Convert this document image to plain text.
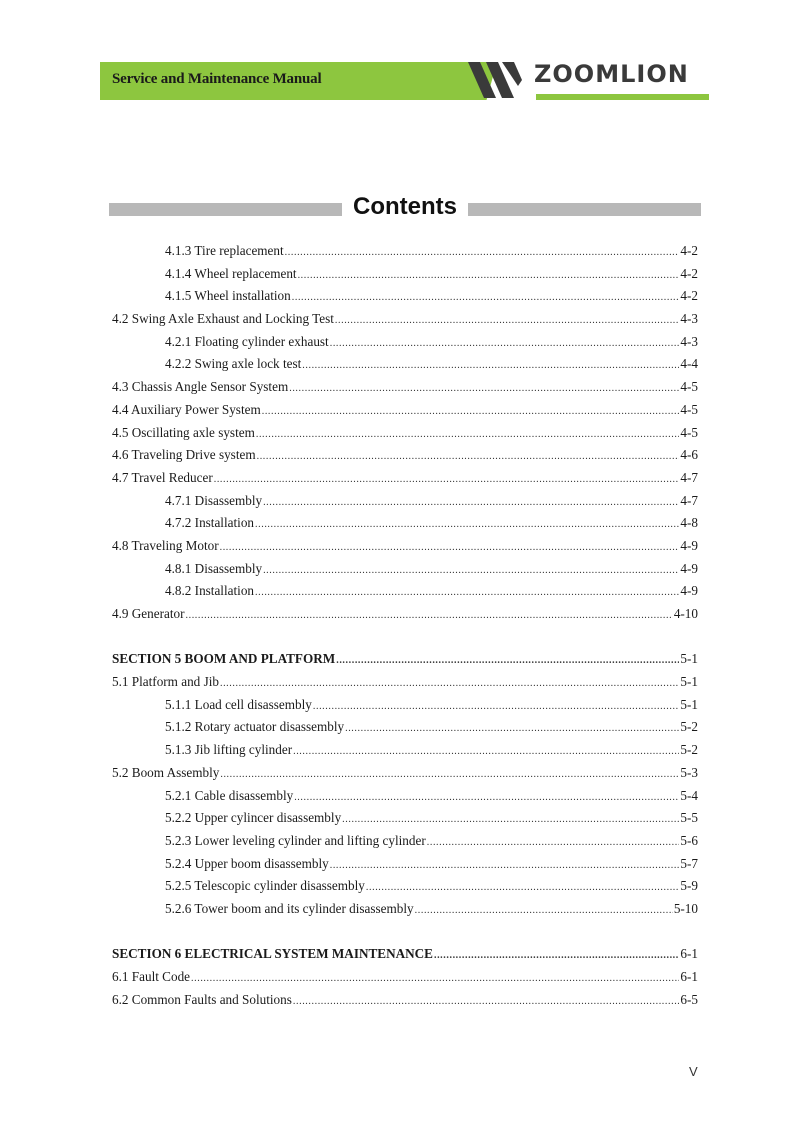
Service and Maintenance Manual	ZOOMLION
Contents
4.1.3 Tire replacement .....	4-2
4.1.4 Wheel replacement .....	4-2
4.1.5 Wheel installation .....	4-2
4.2 Swing Axle Exhaust and Locking Test .....	4-3
4.2.1 Floating cylinder exhaust .....	4-3
4.2.2 Swing axle lock test .....	4-4
4.3 Chassis Angle Sensor System .....	4-5
4.4 Auxiliary Power System .....	4-5
4.5 Oscillating axle system .....	4-5
4.6 Traveling Drive system .....	4-6
4.7 Travel Reducer .....	4-7
4.7.1 Disassembly .....	4-7
4.7.2 Installation .....	4-8
4.8 Traveling Motor .....	4-9
4.8.1 Disassembly .....	4-9
4.8.2 Installation .....	4-9
4.9 Generator .....	4-10
SECTION 5 BOOM AND PLATFORM .....	5-1
5.1 Platform and Jib .....	5-1
5.1.1 Load cell disassembly .....	5-1
5.1.2 Rotary actuator disassembly .....	5-2
5.1.3 Jib lifting cylinder .....	5-2
5.2 Boom Assembly .....	5-3
5.2.1 Cable disassembly .....	5-4
5.2.2 Upper cylincer disassembly .....	5-5
5.2.3 Lower leveling cylinder and lifting cylinder .....	5-6
5.2.4 Upper boom disassembly .....	5-7
5.2.5 Telescopic cylinder disassembly .....	5-9
5.2.6 Tower boom and its cylinder disassembly .....	5-10
SECTION 6 ELECTRICAL SYSTEM MAINTENANCE .....	6-1
6.1 Fault Code .....	6-1
6.2 Common Faults and Solutions .....	6-5
V
